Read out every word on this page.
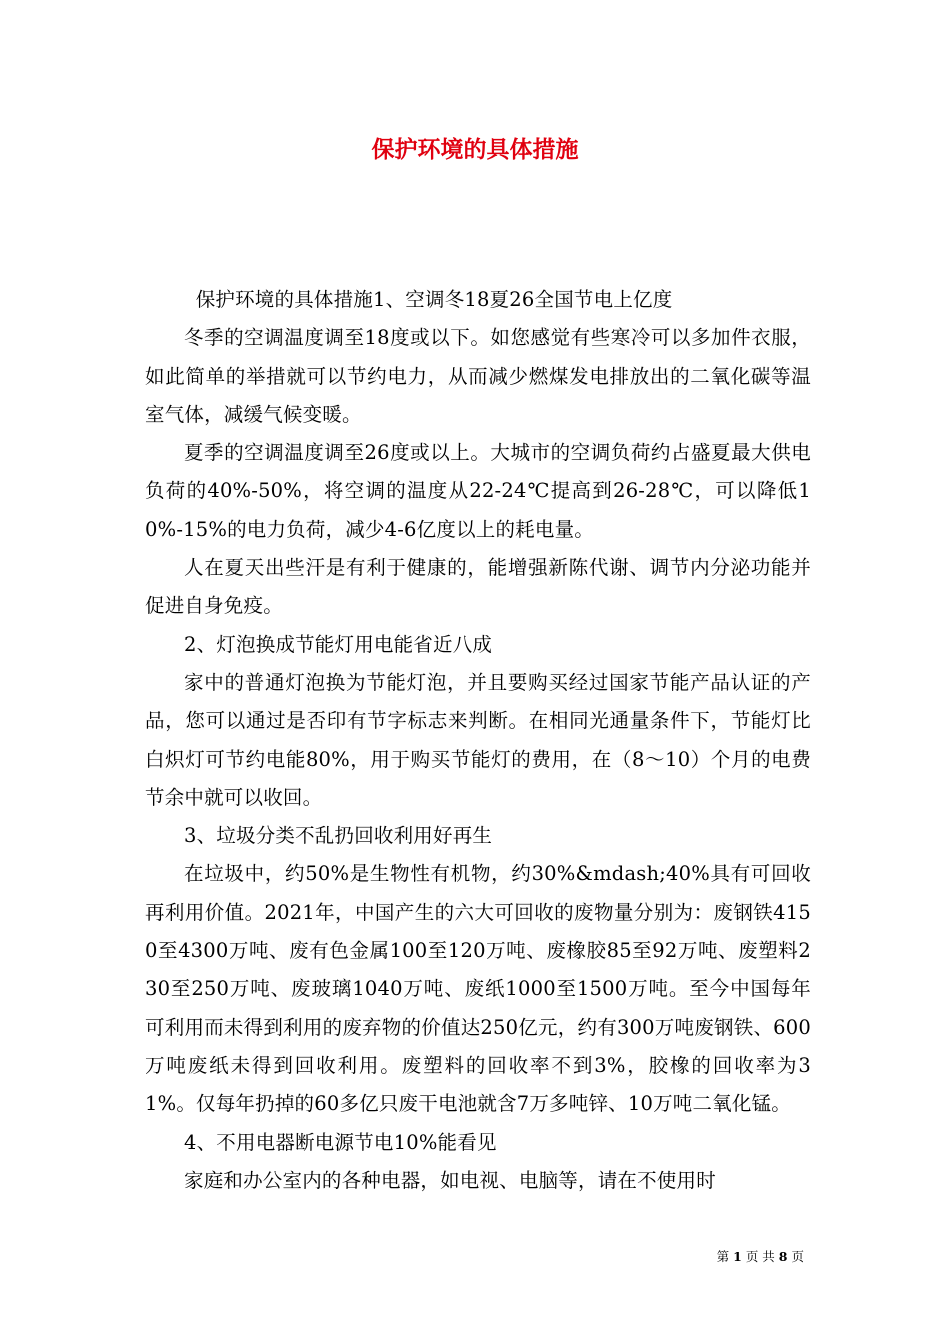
保护环境的具体措施

保护环境的具体措施1、空调冬18夏26全国节电上亿度

冬季的空调温度调至18度或以下。如您感觉有些寒冷可以多加件衣服，如此简单的举措就可以节约电力，从而减少燃煤发电排放出的二氧化碳等温室气体，减缓气候变暖。

夏季的空调温度调至26度或以上。大城市的空调负荷约占盛夏最大供电负荷的40%-50%，将空调的温度从22-24℃提高到26-28℃，可以降低10%-15%的电力负荷，减少4-6亿度以上的耗电量。

人在夏天出些汗是有利于健康的，能增强新陈代谢、调节内分泌功能并促进自身免疫。

2、灯泡换成节能灯用电能省近八成

家中的普通灯泡换为节能灯泡，并且要购买经过国家节能产品认证的产品，您可以通过是否印有节字标志来判断。在相同光通量条件下，节能灯比白炽灯可节约电能80%，用于购买节能灯的费用，在（8～10）个月的电费节余中就可以收回。

3、垃圾分类不乱扔回收利用好再生

在垃圾中，约50%是生物性有机物，约30%&mdash;40%具有可回收再利用价值。2021年，中国产生的六大可回收的废物量分别为：废钢铁4150至4300万吨、废有色金属100至120万吨、废橡胶85至92万吨、废塑料230至250万吨、废玻璃1040万吨、废纸1000至1500万吨。至今中国每年可利用而未得到利用的废弃物的价值达250亿元，约有300万吨废钢铁、600万吨废纸未得到回收利用。废塑料的回收率不到3%，胶橡的回收率为31%。仅每年扔掉的60多亿只废干电池就含7万多吨锌、10万吨二氧化锰。

4、不用电器断电源节电10%能看见

家庭和办公室内的各种电器，如电视、电脑等，请在不使用时

第 1 页 共 8 页
